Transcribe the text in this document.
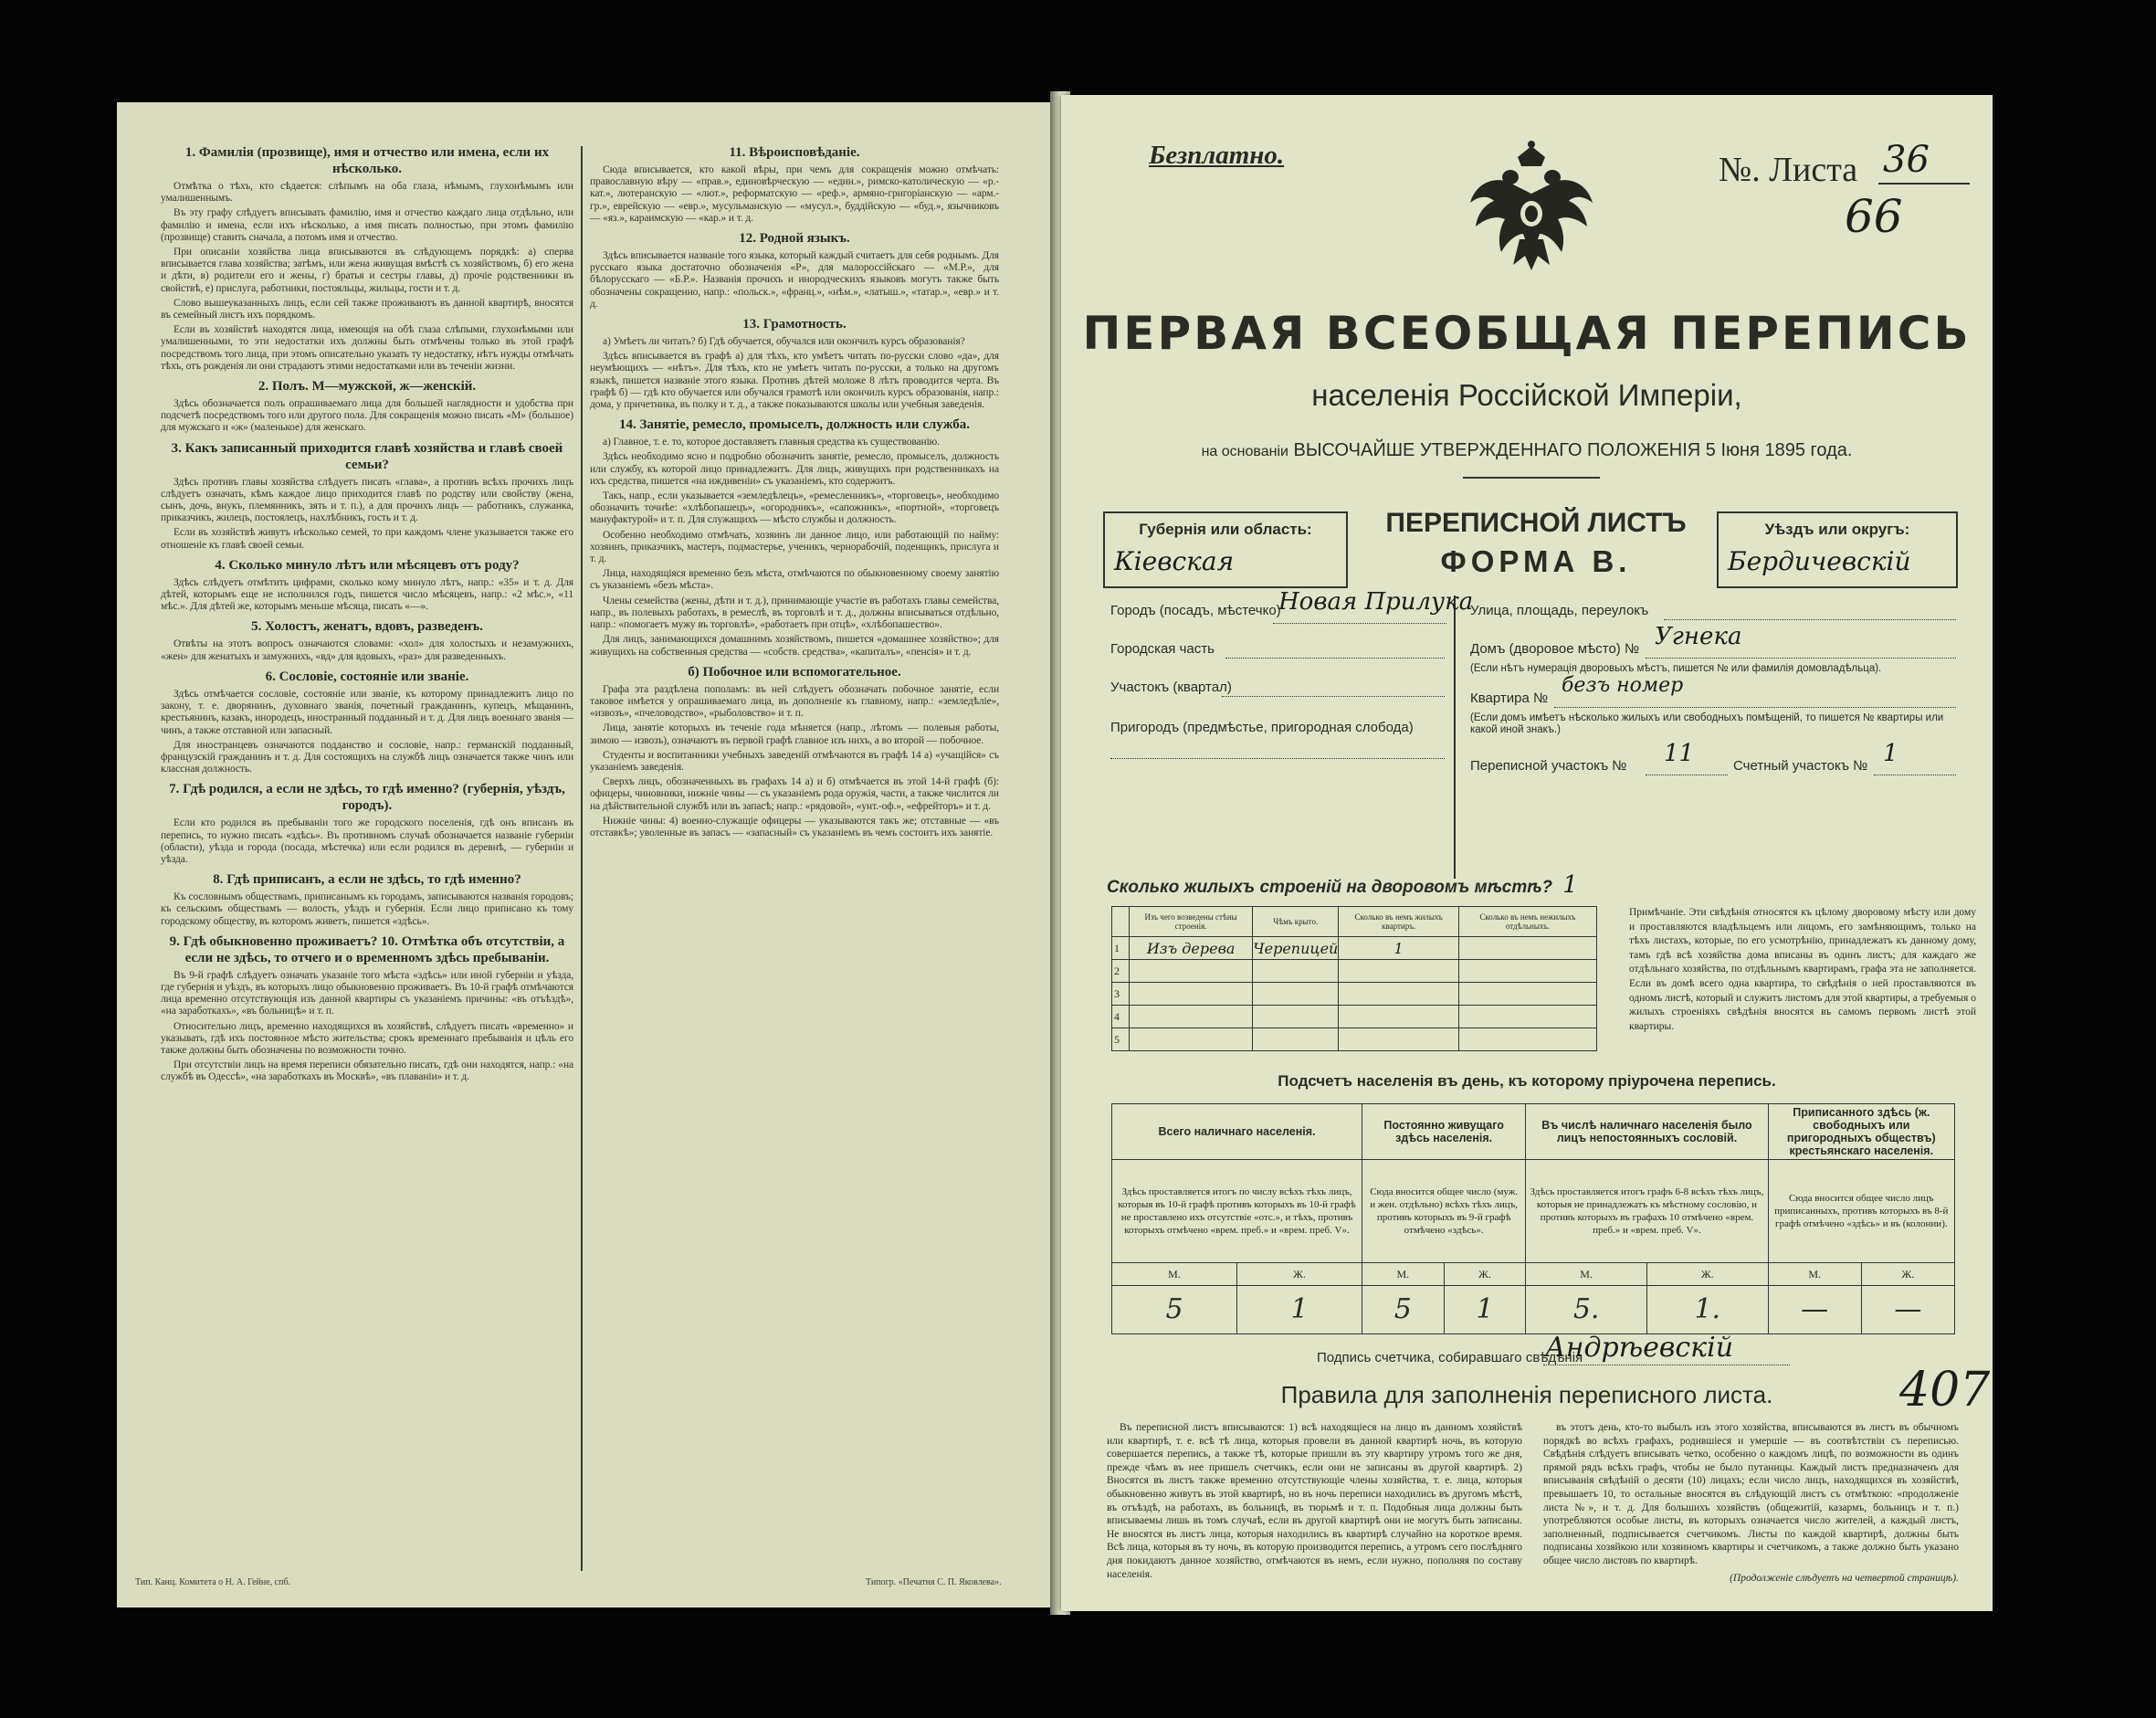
1. Фамилія (прозвище), имя и отчество или имена, если их нѣсколько.
Отмѣтка о тѣхъ, кто сѣдается: слѣпымъ на оба глаза, нѣмымъ, глухонѣмымъ или умалишеннымъ.
Въ эту графу слѣдуетъ вписывать фамилію, имя и отчество каждаго лица отдѣльно, или фамилію и имена, если ихъ нѣсколько, а имя писать полностью, при этомъ фамилію (прозвище) ставить сначала, а потомъ имя и отчество.
При описаніи хозяйства лица вписываются въ слѣдующемъ порядкѣ: а) сперва вписывается глава хозяйства; затѣмъ, или жена живущая вмѣстѣ съ хозяйствомъ, б) его жена и дѣти, в) родители его и жены, г) братья и сестры главы, д) прочіе родственники въ свойствѣ, е) прислуга, работники, постояльцы, жильцы, гости и т. д.
Слово вышеуказанныхъ лицъ, если сей также проживаютъ въ данной квартирѣ, вносятся въ семейный листъ ихъ порядкомъ.
Если въ хозяйствѣ находятся лица, имеющія на обѣ глаза слѣпыми, глухонѣмыми или умалишенными, то эти недостатки ихъ должны быть отмѣчены только въ этой графѣ посредствомъ того лица, при этомъ описательно указать ту недостатку, нѣтъ нужды отмѣчать тѣхъ, отъ рожденія ли они страдаютъ этими недостатками или въ теченіи жизни.
2. Полъ. М—мужской, ж—женскій.
Здѣсь обозначается полъ опрашиваемаго лица для большей наглядности и удобства при подсчетѣ посредствомъ того или другого пола. Для сокращенія можно писать «М» (большое) для мужскаго и «ж» (маленькое) для женскаго.
3. Какъ записанный приходится главѣ хозяйства и главѣ своей семьи?
Здѣсь противъ главы хозяйства слѣдуетъ писать «глава», а противъ всѣхъ прочихъ лицъ слѣдуетъ означать, кѣмъ каждое лицо приходится главѣ по родству или свойству (жена, сынъ, дочь, внукъ, племянникъ, зять и т. п.), а для прочихъ лицъ — работникъ, служанка, приказчикъ, жилецъ, постоялецъ, нахлѣбникъ, гость и т. д.
Если въ хозяйствѣ живутъ нѣсколько семей, то при каждомъ члене указывается также его отношеніе къ главѣ своей семьи.
4. Сколько минуло лѣтъ или мѣсяцевъ отъ роду?
Здѣсь слѣдуетъ отмѣтить цифрами, сколько кому минуло лѣтъ, напр.: «35» и т. д. Для дѣтей, которымъ еще не исполнился годъ, пишется число мѣсяцевъ, напр.: «2 мѣс.», «11 мѣс.». Для дѣтей же, которымъ меньше мѣсяца, писать «—».
5. Холостъ, женатъ, вдовъ, разведенъ.
Отвѣты на этотъ вопросъ означаются словами: «хол» для холостыхъ и незамужнихъ, «жен» для женатыхъ и замужнихъ, «вд» для вдовыхъ, «раз» для разведенныхъ.
6. Сословіе, состояніе или званіе.
Здѣсь отмѣчается сословіе, состояніе или званіе, къ которому принадлежитъ лицо по закону, т. е. дворянинъ, духовнаго званія, почетный гражданинъ, купецъ, мѣщанинъ, крестьянинъ, казакъ, инородецъ, иностранный подданный и т. д. Для лицъ военнаго званія — чинъ, а также отставной или запасный.
Для иностранцевъ означаются подданство и сословіе, напр.: германскій подданный, французскій гражданинъ и т. д. Для состоящихъ на службѣ лицъ означается также чинъ или классная должность.
7. Гдѣ родился, а если не здѣсь, то гдѣ именно? (губернія, уѣздъ, городъ).
Если кто родился въ пребываніи того же городского поселенія, гдѣ онъ вписанъ въ перепись, то нужно писать «здѣсь». Въ противномъ случаѣ обозначается названіе губерніи (области), уѣзда и города (посада, мѣстечка) или если родился въ деревнѣ, — губерніи и уѣзда.
8. Гдѣ приписанъ, а если не здѣсь, то гдѣ именно?
Къ сословнымъ обществамъ, приписанымъ къ городамъ, записываются названія городовъ; къ сельскимъ обществамъ — волость, уѣздъ и губернія. Если лицо приписано къ тому городскому обществу, въ которомъ живетъ, пишется «здѣсь».
9. Гдѣ обыкновенно проживаетъ? 10. Отмѣтка объ отсутствіи, а если не здѣсь, то отчего и о временномъ здѣсь пребываніи.
Въ 9-й графѣ слѣдуетъ означать указаніе того мѣста «здѣсь» или иной губерніи и уѣзда, где губернія и уѣздъ, въ которыхъ лицо обыкновенно проживаетъ. Въ 10-й графѣ отмѣчаются лица временно отсутствующія изъ данной квартиры съ указаніемъ причины: «въ отъѣздѣ», «на заработкахъ», «въ больницѣ» и т. п.
Относительно лицъ, временно находящихся въ хозяйствѣ, слѣдуетъ писать «временно» и указывать, гдѣ ихъ постоянное мѣсто жительства; срокъ временнаго пребыванія и цѣль его также должны быть обозначены по возможности точно.
При отсутствіи лицъ на время переписи обязательно писать, гдѣ они находятся, напр.: «на службѣ въ Одессѣ», «на заработкахъ въ Москвѣ», «въ плаваніи» и т. д.
11. Вѣроисповѣданіе.
Сюда вписывается, кто какой вѣры, при чемъ для сокращенія можно отмѣчать: православную вѣру — «прав.», единовѣрческую — «един.», римско-католическую — «р.-кат.», лютеранскую — «лют.», реформатскую — «реф.», армяно-григоріанскую — «арм.-гр.», еврейскую — «евр.», мусульманскую — «мусул.», буддійскую — «буд.», язычниковъ — «яз.», караимскую — «кар.» и т. д.
12. Родной языкъ.
Здѣсь вписывается названіе того языка, который каждый считаетъ для себя роднымъ. Для русскаго языка достаточно обозначенія «Р», для малороссійскаго — «М.Р.», для бѣлорусскаго — «Б.Р.». Названія прочихъ и инородческихъ языковъ могутъ также быть обозначены сокращенно, напр.: «польск.», «франц.», «нѣм.», «латыш.», «татар.», «евр.» и т. д.
13. Грамотность.
а) Умѣетъ ли читать? б) Гдѣ обучается, обучался или окончилъ курсъ образованія?
Здѣсь вписывается въ графѣ а) для тѣхъ, кто умѣетъ читать по-русски слово «да», для неумѣющихъ — «нѣтъ». Для тѣхъ, кто не умѣетъ читать по-русски, а только на другомъ языкѣ, пишется названіе этого языка. Противъ дѣтей моложе 8 лѣтъ проводится черта. Въ графѣ б) — гдѣ кто обучается или обучался грамотѣ или окончилъ курсъ образованія, напр.: дома, у причетника, въ полку и т. д., а также показываются школы или учебныя заведенія.
14. Занятіе, ремесло, промыселъ, должность или служба.
а) Главное, т. е. то, которое доставляетъ главныя средства къ существованію.
Здѣсь необходимо ясно и подробно обозначить занятіе, ремесло, промыселъ, должность или службу, къ которой лицо принадлежитъ. Для лицъ, живущихъ при родственникахъ на ихъ средства, пишется «на иждивеніи» съ указаніемъ, кто содержитъ.
Такъ, напр., если указывается «земледѣлецъ», «ремесленникъ», «торговецъ», необходимо обозначить точнѣе: «хлѣбопашецъ», «огородникъ», «сапожникъ», «портной», «торговецъ мануфактурой» и т. п. Для служащихъ — мѣсто службы и должность.
Особенно необходимо отмѣчать, хозяинъ ли данное лицо, или работающій по найму: хозяинъ, приказчикъ, мастеръ, подмастерье, ученикъ, чернорабочій, поденщикъ, прислуга и т. д.
Лица, находящіяся временно безъ мѣста, отмѣчаются по обыкновенному своему занятію съ указаніемъ «безъ мѣста».
Члены семейства (жены, дѣти и т. д.), принимающіе участіе въ работахъ главы семейства, напр., въ полевыхъ работахъ, в ремеслѣ, въ торговлѣ и т. д., должны вписываться отдѣльно, напр.: «помогаетъ мужу въ торговлѣ», «работаетъ при отцѣ», «хлѣбопашество».
Для лицъ, занимающихся домашнимъ хозяйствомъ, пишется «домашнее хозяйство»; для живущихъ на собственныя средства — «собств. средства», «капиталъ», «пенсія» и т. д.
б) Побочное или вспомогательное.
Графа эта раздѣлена пополамъ: въ ней слѣдуетъ обозначать побочное занятіе, если таковое имѣется у опрашиваемаго лица, въ дополненіе къ главному, напр.: «земледѣліе», «извозъ», «пчеловодство», «рыболовство» и т. п.
Лица, занятіе которыхъ въ теченіе года мѣняется (напр., лѣтомъ — полевыя работы, зимою — извозъ), означаютъ въ первой графѣ главное изъ нихъ, а во второй — побочное.
Студенты и воспитанники учебныхъ заведеній отмѣчаются въ графѣ 14 а) «учащійся» съ указаніемъ заведенія.
Сверхъ лицъ, обозначенныхъ въ графахъ 14 а) и б) отмѣчается въ этой 14-й графѣ (б): офицеры, чиновники, нижніе чины — съ указаніемъ рода оружія, части, а также числится ли на дѣйствительной службѣ или въ запасѣ; напр.: «рядовой», «унт.-оф.», «ефрейторъ» и т. д.
Нижніе чины: 4) военно-служащіе офицеры — указываются такъ же; отставные — «въ отставкѣ»; уволенные въ запасъ — «запасный» съ указаніемъ въ чемъ состоитъ ихъ занятіе.
Тип. Канц. Комитета о Н. А. Гейне, спб.	Типогр. «Печатня С. П. Яковлева».
Безплатно.	№. Листа 36
66
ПЕРВАЯ ВСЕОБЩАЯ ПЕРЕПИСЬ
населенія Россійской Имперіи,
на основаніи ВЫСОЧАЙШЕ УТВЕРЖДЕННАГО ПОЛОЖЕНІЯ 5 Іюня 1895 года.
Губернія или область:
Кіевская
ПЕРЕПИСНОЙ ЛИСТЪ
ФОРМА В.
Уѣздъ или округъ:
Бердичевскій
Городъ (посадъ, мѣстечко)
Новая Прилука
Городская часть
Участокъ (квартал)
Пригородъ (предмѣстье, пригородная слобода)
Улица, площадь, переулокъ
Домъ (дворовое мѣсто) № Угнека
(Если нѣтъ нумерація дворовыхъ мѣстъ, пишется № или фамилія домовладѣльца).
Квартира №
безъ номер
(Если домъ имѣетъ нѣсколько жилыхъ или свободныхъ помѣщеній, то пишется № квартиры или какой иной знакъ.)
Переписной участокъ № 11	Счетный участокъ № 1
Сколько жилыхъ строеній на дворовомъ мѣстѣ? 1
	Изъ чего возведены стѣны строенія.	Чѣмъ крыто.	Сколько въ немъ жилыхъ квартиръ.	Сколько въ немъ нежилыхъ отдѣльныхъ.
1	Изъ дерева	Черепицей	1	
2				
3				
4				
5				
Примѣчаніе. Эти свѣдѣнія относятся къ цѣлому дворовому мѣсту или дому и проставляются владѣльцемъ или лицомъ, его замѣняющимъ, только на тѣхъ листахъ, которые, по его усмотрѣнію, принадлежатъ къ данному дому, тамъ гдѣ всѣ хозяйства дома вписаны въ одинъ листъ; для каждаго же отдѣльнаго хозяйства, по отдѣльнымъ квартирамъ, графа эта не заполняется. Если въ домѣ всего одна квартира, то свѣдѣнія о ней проставляются въ одномъ листѣ, который и служитъ листомъ для этой квартиры, а требуемыя о жилыхъ строеніяхъ свѣдѣнія вносятся въ самомъ первомъ листѣ этой квартиры.
Подсчетъ населенія въ день, къ которому пріурочена перепись.
Всего наличнаго населенія.		Постоянно живущаго здѣсь населенія.		Въ числѣ наличнаго населенія было лицъ непостоянныхъ сословій.		Приписанного здѣсь (ж. свободныхъ или пригородныхъ обществъ) крестьянскаго населенія.	
Здѣсь проставляется итогъ по числу всѣхъ тѣхъ лицъ, которыя въ 10-й графѣ противъ которыхъ въ 10-й графѣ не проставлено ихъ отсутствіе «отс.», и тѣхъ, противъ которыхъ отмѣчено «врем. преб.» и «врем. преб. V».		Сюда вносится общее число (муж. и жен. отдѣльно) всѣхъ тѣхъ лицъ, противъ которыхъ въ 9-й графѣ отмѣчено «здѣсь».		Здѣсь проставляется итогъ графъ 6-8 всѣхъ тѣхъ лицъ, которыя не принадлежатъ къ мѣстному сословію, и противъ которыхъ въ графахъ 10 отмѣчено «врем. преб.» и «врем. преб. V».		Сюда вносится общее число лицъ приписанныхъ, противъ которыхъ въ 8-й графѣ отмѣчено «здѣсь» и въ (колонии).	
М.	Ж.	М.	Ж.	М.	Ж.	М.	Ж.
5	1	5	1	5.	1.	—	—
Подпись счетчика, собиравшаго свѣдѣнія
Андрѣевскій
407
Правила для заполненія переписного листа.

Въ переписной листъ вписываются: 1) всѣ находящіеся на лицо въ данномъ хозяйствѣ или квартирѣ, т. е. всѣ тѣ лица, которыя провели въ данной квартирѣ ночь, въ которую совершается перепись, а также тѣ, которые пришли въ эту квартиру утромъ того же дня, прежде чѣмъ въ нее пришелъ счетчикъ, если они не записаны въ другой квартирѣ. 2) Вносятся въ листъ также временно отсутствующіе члены хозяйства, т. е. лица, которыя обыкновенно живутъ въ этой квартирѣ, но въ ночь переписи находились въ другомъ мѣстѣ, въ отъѣздѣ, на работахъ, въ больницѣ, въ тюрьмѣ и т. п. Подобныя лица должны быть вписываемы лишь въ томъ случаѣ, если въ другой квартирѣ они не могутъ быть записаны. Не вносятся въ листъ лица, которыя находились въ квартирѣ случайно на короткое время. Всѣ лица, которыя въ ту ночь, въ которую производится перепись, а утромъ сего послѣдняго дня покидаютъ данное хозяйство, отмѣчаются въ немъ, если нужно, пополняя по составу населенія.

въ этотъ день, кто-то выбылъ изъ этого хозяйства, вписываются въ листъ въ обычномъ порядкѣ во всѣхъ графахъ, родившіеся и умершіе — въ соотвѣтствіи съ переписью. Свѣдѣнія слѣдуетъ вписывать четко, особенно о каждомъ лицѣ, по возможности въ одинъ прямой рядъ всѣхъ графъ, чтобы не было путаницы. Каждый листъ предназначенъ для вписыванія свѣдѣній о десяти (10) лицахъ; если число лицъ, находящихся въ хозяйствѣ, превышаетъ 10, то остальные вносятся въ слѣдующій листъ съ отмѣткою: «продолженіе листа №», и т. д. Для большихъ хозяйствъ (общежитій, казармъ, больницъ и т. п.) употребляются особые листы, въ которыхъ означается число жителей, а каждый листъ, заполненный, подписывается счетчикомъ. Листы по каждой квартирѣ, должны быть подписаны хозяйкою или хозяиномъ квартиры и счетчикомъ, а также должно быть указано общее число листовъ по квартирѣ.

(Продолженіе слѣдуетъ на четвертой страницѣ).
